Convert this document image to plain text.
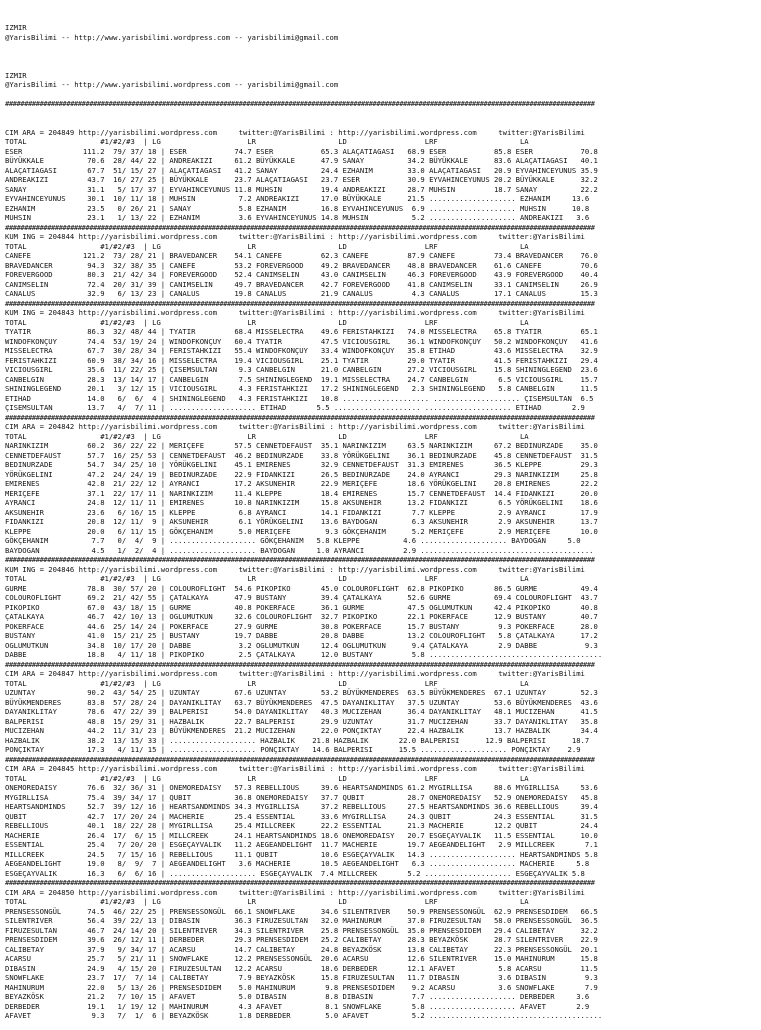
IZMIR
@YarisBilimi -- http://www.yarisbilimi.wordpress.com -- yarisbilimi@gmail.com
IZMIR
@YarisBilimi -- http://www.yarisbilimi.wordpress.com -- yarisbilimi@gmail.com
##########################################################################################################################################################

CIM ARA = 204849 http://yarisbilimi.wordpress.com     twitter:@YarisBilimi : http://yarisbilimi.wordpress.com     twitter:@YarisBilimi
TOTAL                 #1/#2/#3  | LG                    LR                   LD                  LRF                   LA
ESER              111.2  79/ 37/ 18 | ESER           74.7 ESER           65.3 ALAÇATIAGASI   68.9 ESER           85.8 ESER           70.8
BÜYÜKKALE          70.6  28/ 44/ 22 | ANDREAKIZI     61.2 BÜYÜKKALE      47.9 SANAY          34.2 BÜYÜKKALE      83.6 ALAÇATIAGASI   40.1
ALAÇATIAGASI       67.7  51/ 15/ 27 | ALAÇATIAGASI   41.2 SANAY          24.4 EZHANIM        33.0 ALAÇATIAGASI   20.9 EYVAHINCEYUNUS 35.9
ANDREAKIZI         43.7  16/ 27/ 25 | BÜYÜKKALE      23.7 ALAÇATIAGASI   23.7 ESER           30.9 EYVAHINCEYUNUS 20.2 BÜYÜKKALE      32.2
SANAY              31.1   5/ 17/ 37 | EYVAHINCEYUNUS 11.8 MUHSIN         19.4 ANDREAKIZI     28.7 MUHSIN         18.7 SANAY          22.2
EYVAHINCEYUNUS     30.1  10/ 11/ 18 | MUHSIN          7.2 ANDREAKIZI     17.0 BÜYÜKKALE      21.5 .................... EZHANIM     13.6
EZHANIM            23.5   0/ 26/ 21 | SANAY           5.8 EZHANIM        16.8 EYVAHINCEYUNUS  6.9 .................... MUHSIN      10.8
MUHSIN             23.1   1/ 13/ 22 | EZHANIM         3.6 EYVAHINCEYUNUS 14.8 MUHSIN          5.2 .................... ANDREAKIZI   3.6
##########################################################################################################################################################
KUM ING = 204844 http://yarisbilimi.wordpress.com     twitter:@YarisBilimi : http://yarisbilimi.wordpress.com     twitter:@YarisBilimi
TOTAL                 #1/#2/#3  | LG                    LR                   LD                  LRF                   LA
CANEFE            121.2  73/ 28/ 21 | BRAVEDANCER    54.1 CANEFE         62.3 CANEFE         87.9 CANEFE         73.4 BRAVEDANCER    76.0
BRAVEDANCER        94.3  32/ 38/ 35 | CANEFE         53.2 FOREVERGOOD    49.2 BRAVEDANCER    48.8 BRAVEDANCER    61.6 CANEFE         70.6
FOREVERGOOD        80.3  21/ 42/ 34 | FOREVERGOOD    52.4 CANIMSELIN     43.0 CANIMSELIN     46.3 FOREVERGOOD    43.9 FOREVERGOOD    40.4
CANIMSELIN         72.4  20/ 31/ 39 | CANIMSELIN     49.7 BRAVEDANCER    42.7 FOREVERGOOD    41.8 CANIMSELIN     33.1 CANIMSELIN     26.9
CANALUS            32.9   6/ 13/ 23 | CANALUS        19.8 CANALUS        21.9 CANALUS         4.3 CANALUS        17.1 CANALUS        15.3
##########################################################################################################################################################
KUM ING = 204843 http://yarisbilimi.wordpress.com     twitter:@YarisBilimi : http://yarisbilimi.wordpress.com     twitter:@YarisBilimi
TOTAL                 #1/#2/#3  | LG                    LR                   LD                  LRF                   LA
TYATIR             86.3  32/ 48/ 44 | TYATIR         68.4 MISSELECTRA    49.6 FERISTAHKIZI   74.0 MISSELECTRA    65.8 TYATIR         65.1
WINDOFKONÇUY       74.4  53/ 19/ 24 | WINDOFKONÇUY   60.4 TYATIR         47.5 VICIOUSGIRL    36.1 WINDOFKONÇUY   50.2 WINDOFKONÇUY   41.6
MISSELECTRA        67.7  30/ 28/ 34 | FERISTAHKIZI   55.4 WINDOFKONÇUY   33.4 WINDOFKONÇUY   35.8 ETIHAD         43.6 MISSELECTRA    32.9
FERISTAHKIZI       60.9  38/ 34/ 16 | MISSELECTRA    19.4 VICIOUSGIRL    25.1 TYATIR         29.0 TYATIR         41.5 FERISTAHKIZI   29.4
VICIOUSGIRL        35.6  11/ 22/ 25 | ÇISEMSULTAN     9.3 CANBELGIN      21.0 CANBELGIN      27.2 VICIOUSGIRL    15.8 SHININGLEGEND  23.6
CANBELGIN          28.3  13/ 14/ 17 | CANBELGIN       7.5 SHININGLEGEND  19.1 MISSELECTRA    24.7 CANBELGIN       6.5 VICIOUSGIRL    15.7
SHININGLEGEND      20.1   3/ 12/ 15 | VICIOUSGIRL     4.3 FERISTAHKIZI   17.2 SHININGLEGEND   2.3 SHININGLEGEND   5.8 CANBELGIN      11.5
ETIHAD             14.0   6/  6/  4 | SHININGLEGEND   4.3 FERISTAHKIZI   10.8 .................... .................... ÇISEMSULTAN  6.5
ÇISEMSULTAN        13.7   4/  7/ 11 | .................... ETIHAD       5.5 .................... .................... ETIHAD       2.9
##########################################################################################################################################################
CIM ARA = 204842 http://yarisbilimi.wordpress.com     twitter:@YarisBilimi : http://yarisbilimi.wordpress.com     twitter:@YarisBilimi
TOTAL                 #1/#2/#3  | LG                    LR                   LD                  LRF                   LA
NARINKIZIM         60.2  36/ 22/ 22 | MERIÇEFE       57.5 CENNETDEFAUST  35.1 NARINKIZIM     63.5 NARINKIZIM     67.2 BEDINURZADE    35.0
CENNETDEFAUST      57.7  16/ 25/ 53 | CENNETDEFAUST  46.2 BEDINURZADE    33.8 YÖRÜKGELINI    36.1 BEDINURZADE    45.8 CENNETDEFAUST  31.5
BEDINURZADE        54.7  34/ 25/ 10 | YÖRÜKGELINI    45.1 EMIRENES       32.9 CENNETDEFAUST  31.3 EMIRENES       36.5 KLEPPE         29.3
YÖRÜKGELINI        47.2  24/ 24/ 19 | BEDINURZADE    22.9 FIDANKIZI      26.5 BEDINURZADE    24.0 AYRANCI        29.3 NARINKIZIM     25.8
EMIRENES           42.8  21/ 22/ 12 | AYRANCI        17.2 AKSUNEHIR      22.9 MERIÇEFE       18.6 YÖRÜKGELINI    20.8 EMIRENES       22.2
MERIÇEFE           37.1  22/ 17/ 11 | NARINKIZIM     11.4 KLEPPE         18.4 EMIRENES       15.7 CENNETDEFAUST  14.4 FIDANKIZI      20.0
AYRANCI            24.8  12/ 11/ 11 | EMIRENES       10.8 NARINKIZIM     15.8 AKSUNEHIR      13.2 FIDANKIZI       6.5 YÖRÜKGELINI    18.6
AKSUNEHIR          23.6   6/ 16/ 15 | KLEPPE          6.8 AYRANCI        14.1 FIDANKIZI       7.7 KLEPPE          2.9 AYRANCI        17.9
FIDANKIZI          20.8  12/ 11/  9 | AKSUNEHIR       6.1 YÖRÜKGELINI    13.6 BAYDOGAN        6.3 AKSUNEHIR       2.9 AKSUNEHIR      13.7
KLEPPE             20.0   6/ 11/ 15 | GÖKÇEHANIM      5.0 MERIÇEFE        9.3 GÖKÇEHANIM      5.2 MERIÇEFE        2.9 MERIÇEFE       10.0
GÖKÇEHANIM          7.7   0/  4/  9 | .................... GÖKÇEHANIM   5.8 KLEPPE          4.6 .................... BAYDOGAN     5.0
BAYDOGAN            4.5   1/  2/  4 | .................... BAYDOGAN     1.0 AYRANCI         2.9 ........................................
##########################################################################################################################################################
KUM ING = 204846 http://yarisbilimi.wordpress.com     twitter:@YarisBilimi : http://yarisbilimi.wordpress.com     twitter:@YarisBilimi
TOTAL                 #1/#2/#3  | LG                    LR                   LD                  LRF                   LA
GURME              78.8  30/ 57/ 20 | COLOUROFLIGHT  54.6 PIKOPIKO       45.0 COLOUROFLIGHT  62.8 PIKOPIKO       86.5 GURME          49.4
COLOUROFLIGHT      69.2  21/ 42/ 55 | ÇATALKAYA      47.9 BUSTANY        39.4 ÇATALKAYA      52.6 GURME          69.4 COLOUROFLIGHT  43.7
PIKOPIKO           67.0  43/ 18/ 15 | GURME          40.8 POKERFACE      36.1 GURME          47.5 OGLUMUTKUN     42.4 PIKOPIKO       40.8
ÇATALKAYA          46.7  42/ 10/ 13 | OGLUMUTKUN     32.6 COLOUROFLIGHT  32.7 PIKOPIKO       22.1 POKERFACE      12.9 BUSTANY        40.7
POKERFACE          44.6  25/ 14/ 24 | POKERFACE      27.9 GURME          30.8 POKERFACE      15.7 BUSTANY         9.3 POKERFACE      28.0
BUSTANY            41.0  15/ 21/ 25 | BUSTANY        19.7 DABBE          20.8 DABBE          13.2 COLOUROFLIGHT   5.8 ÇATALKAYA      17.2
OGLUMUTKUN         34.8  10/ 17/ 20 | DABBE           3.2 OGLUMUTKUN     12.4 OGLUMUTKUN      9.4 ÇATALKAYA       2.9 DABBE           9.3
DABBE              18.8   4/ 11/ 18 | PIKOPIKO        2.5 ÇATALKAYA      12.0 BUSTANY         5.8 ........................................
##########################################################################################################################################################
CIM ARA = 204847 http://yarisbilimi.wordpress.com     twitter:@YarisBilimi : http://yarisbilimi.wordpress.com     twitter:@YarisBilimi
TOTAL                 #1/#2/#3  | LG                    LR                   LD                  LRF                   LA
UZUNTAY            90.2  43/ 54/ 25 | UZUNTAY        67.6 UZUNTAY        53.2 BÜYÜKMENDERES  63.5 BÜYÜKMENDERES  67.1 UZUNTAY        52.3
BÜYÜKMENDERES      83.8  57/ 28/ 24 | DAYANIKLITAY   63.7 BÜYÜKMENDERES  47.5 DAYANIKLITAY   37.5 UZUNTAY        53.6 BÜYÜKMENDERES  43.6
DAYANIKLITAY       78.6  47/ 22/ 39 | BALPERISI      54.0 DAYANIKLITAY   40.3 MUCIZEHAN      36.4 DAYANIKLITAY   48.1 MUCIZEHAN      41.5
BALPERISI          48.8  15/ 29/ 31 | HAZBALIK       22.7 BALPERISI      29.9 UZUNTAY        31.7 MUCIZEHAN      33.7 DAYANIKLITAY   35.8
MUCIZEHAN          44.2  11/ 31/ 23 | BÜYÜKMENDERES  21.2 MUCIZEHAN      22.0 PONÇIKTAY      22.4 HAZBALIK       13.7 HAZBALIK       34.4
HAZBALIK           38.2  13/ 15/ 33 | .................... HAZBALIK    21.8 HAZBALIK       22.0 BALPERISI      12.9 BALPERISI      18.7
PONÇIKTAY          17.3   4/ 11/ 15 | .................... PONÇIKTAY   14.6 BALPERISI      15.5 .................... PONÇIKTAY    2.9
##########################################################################################################################################################
CIM ARA = 204845 http://yarisbilimi.wordpress.com     twitter:@YarisBilimi : http://yarisbilimi.wordpress.com     twitter:@YarisBilimi
TOTAL                 #1/#2/#3  | LG                    LR                   LD                  LRF                   LA
ONEMOREDAISY       76.6  32/ 36/ 31 | ONEMOREDAISY   57.3 REBELLIOUS     39.6 HEARTSANDMINDS 61.2 MYGIRLLISA     88.6 MYGIRLLISA     53.6
MYGIRLLISA         75.4  39/ 34/ 17 | QUBIT          36.8 ONEMOREDAISY   37.7 QUBIT          28.7 ONEMOREDAISY   52.9 ONEMOREDAISY   45.8
HEARTSANDMINDS     52.7  39/ 12/ 16 | HEARTSANDMINDS 34.3 MYGIRLLISA     37.2 REBELLIOUS     27.5 HEARTSANDMINDS 36.6 REBELLIOUS     39.4
QUBIT              42.7  17/ 20/ 24 | MACHERIE       25.4 ESSENTIAL      33.6 MYGIRLLISA     24.3 QUBIT          24.3 ESSENTIAL      31.5
REBELLIOUS         40.1  18/ 22/ 28 | MYGIRLLISA     25.4 MILLCREEK      22.2 ESSENTIAL      21.3 MACHERIE       12.2 QUBIT          24.4
MACHERIE           26.4  17/  6/ 15 | MILLCREEK      24.1 HEARTSANDMINDS 18.6 ONEMOREDAISY   20.7 ESGEÇAYVALIK   11.5 ESSENTIAL      10.0
ESSENTIAL          25.4   7/ 20/ 20 | ESGEÇAYVALIK   11.2 AEGEANDELIGHT  11.7 MACHERIE       19.7 AEGEANDELIGHT   2.9 MILLCREEK       7.1
MILLCREEK          24.5   7/ 15/ 16 | REBELLIOUS     11.1 QUBIT          10.6 ESGEÇAYVALIK   14.3 .................... HEARTSANDMINDS 5.8
AEGEANDELIGHT      19.0   8/  9/  7 | AEGEANDELIGHT   3.6 MACHERIE       10.5 AEGEANDELIGHT   6.3 .................... MACHERIE     5.8
ESGEÇAYVALIK       16.3   6/  6/ 16 | .................... ESGEÇAYVALIK  7.4 MILLCREEK       5.2 .................... ESGEÇAYVALIK 5.8
##########################################################################################################################################################
CIM ARA = 204850 http://yarisbilimi.wordpress.com     twitter:@YarisBilimi : http://yarisbilimi.wordpress.com     twitter:@YarisBilimi
TOTAL                 #1/#2/#3  | LG                    LR                   LD                  LRF                   LA
PRENSESSONGÜL      74.5  46/ 22/ 25 | PRENSESSONGÜL  66.1 SNOWFLAKE      34.6 SILENTRIVER    50.9 PRENSESSONGÜL  62.9 PRENSESDIDEM   66.5
SILENTRIVER        56.4  39/ 22/ 13 | DIBASIN        36.3 FIRUZESULTAN   32.0 MAHINURUM      37.0 FIRUZESULTAN   58.0 PRENSESSONGÜL  36.5
FIRUZESULTAN       46.7  24/ 14/ 20 | SILENTRIVER    34.3 SILENTRIVER    25.8 PRENSESSONGÜL  35.0 PRENSESDIDEM   29.4 CALIBETAY      32.2
PRENSESDIDEM       39.6  26/ 12/ 11 | DERBEDER       29.3 PRENSESDIDEM   25.2 CALIBETAY      28.3 BEYAZKÖSK      28.7 SILENTRIVER    22.9
CALIBETAY          37.9   9/ 34/ 17 | ACARSU         14.7 CALIBETAY      24.8 BEYAZKÖSK      13.8 CALIBETAY      22.3 PRENSESSONGÜL  20.1
ACARSU             25.7   5/ 21/ 11 | SNOWFLAKE      12.2 PRENSESSONGÜL  20.6 ACARSU         12.6 SILENTRIVER    15.0 MAHINURUM      15.8
DIBASIN            24.9   4/ 15/ 20 | FIRUZESULTAN   12.2 ACARSU         18.6 DERBEDER       12.1 AFAVET          5.8 ACARSU         11.5
SNOWFLAKE          23.7  17/  7/ 14 | CALIBETAY       7.9 BEYAZKÖSK      15.8 FIRUZESULTAN   11.7 DIBASIN         3.6 DIBASIN         9.3
MAHINURUM          22.0   5/ 13/ 26 | PRENSESDIDEM    5.0 MAHINURUM       9.8 PRENSESDIDEM    9.2 ACARSU          3.6 SNOWFLAKE       7.9
BEYAZKÖSK          21.2   7/ 10/ 15 | AFAVET          5.0 DIBASIN         8.8 DIBASIN         7.7 .................... DERBEDER     3.6
DERBEDER           19.1   1/ 19/ 12 | MAHINURUM       4.3 AFAVET          8.1 SNOWFLAKE       5.8 .................... AFAVET       2.9
AFAVET              9.3   7/  1/  6 | BEYAZKÖSK       1.8 DERBEDER        5.0 AFAVET          5.2 ........................................
